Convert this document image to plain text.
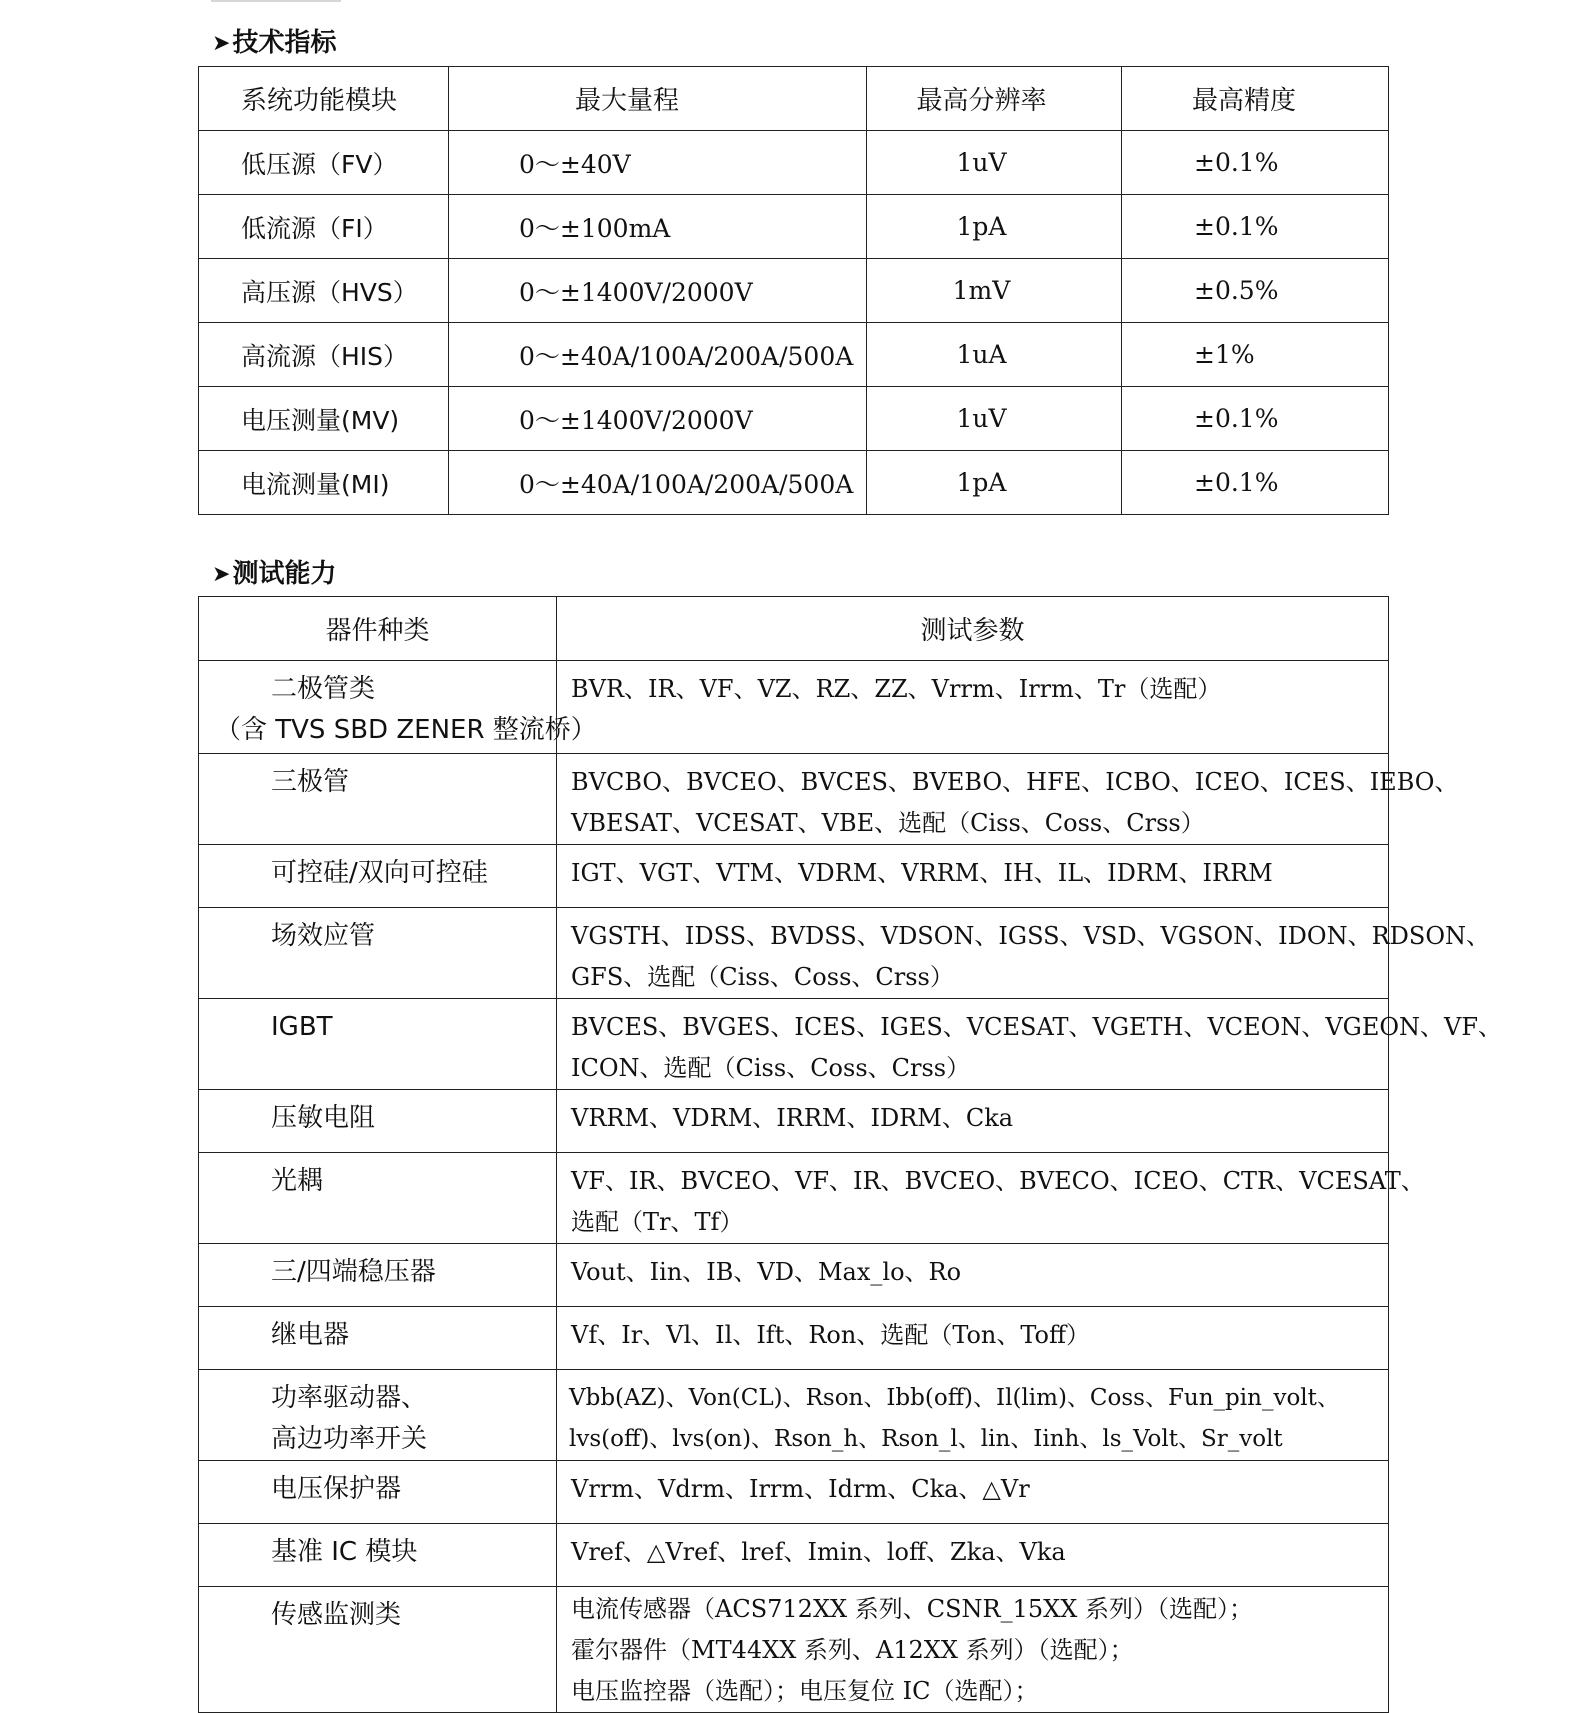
➤技术指标
系统功能模块	最大量程	最高分辨率	最高精度
低压源（FV）	0～±40V	1uV	±0.1%
低流源（FI）	0～±100mA	1pA	±0.1%
高压源（HVS）	0～±1400V/2000V	1mV	±0.5%
高流源（HIS）	0～±40A/100A/200A/500A	1uA	±1%
电压测量(MV)	0～±1400V/2000V	1uV	±0.1%
电流测量(MI)	0～±40A/100A/200A/500A	1pA	±0.1%
➤测试能力
器件种类	测试参数

二极管类
（含 TVS SBD ZENER 整流桥）	BVR、IR、VF、VZ、RZ、ZZ、Vrrm、Irrm、Tr（选配）

三极管	BVCBO、BVCEO、BVCES、BVEBO、HFE、ICBO、ICEO、ICES、IEBO、
VBESAT、VCESAT、VBE、选配（Ciss、Coss、Crss）

可控硅/双向可控硅	IGT、VGT、VTM、VDRM、VRRM、IH、IL、IDRM、IRRM

场效应管	VGSTH、IDSS、BVDSS、VDSON、IGSS、VSD、VGSON、IDON、RDSON、
GFS、选配（Ciss、Coss、Crss）

IGBT	BVCES、BVGES、ICES、IGES、VCESAT、VGETH、VCEON、VGEON、VF、
ICON、选配（Ciss、Coss、Crss）

压敏电阻	VRRM、VDRM、IRRM、IDRM、Cka

光耦	VF、IR、BVCEO、VF、IR、BVCEO、BVECO、ICEO、CTR、VCESAT、
选配（Tr、Tf）

三/四端稳压器	Vout、Iin、IB、VD、Max_lo、Ro

继电器	Vf、Ir、Vl、Il、Ift、Ron、选配（Ton、Toff）

功率驱动器、
高边功率开关	Vbb(AZ)、Von(CL)、Rson、Ibb(off)、Il(lim)、Coss、Fun_pin_volt、
lvs(off)、lvs(on)、Rson_h、Rson_l、lin、Iinh、ls_Volt、Sr_volt

电压保护器	Vrrm、Vdrm、Irrm、Idrm、Cka、△Vr

基准 IC 模块	Vref、△Vref、lref、Imin、loff、Zka、Vka

传感监测类	电流传感器（ACS712XX 系列、CSNR_15XX 系列）（选配）；
霍尔器件（MT44XX 系列、A12XX 系列）（选配）；
电压监控器（选配）；电压复位 IC（选配）；
